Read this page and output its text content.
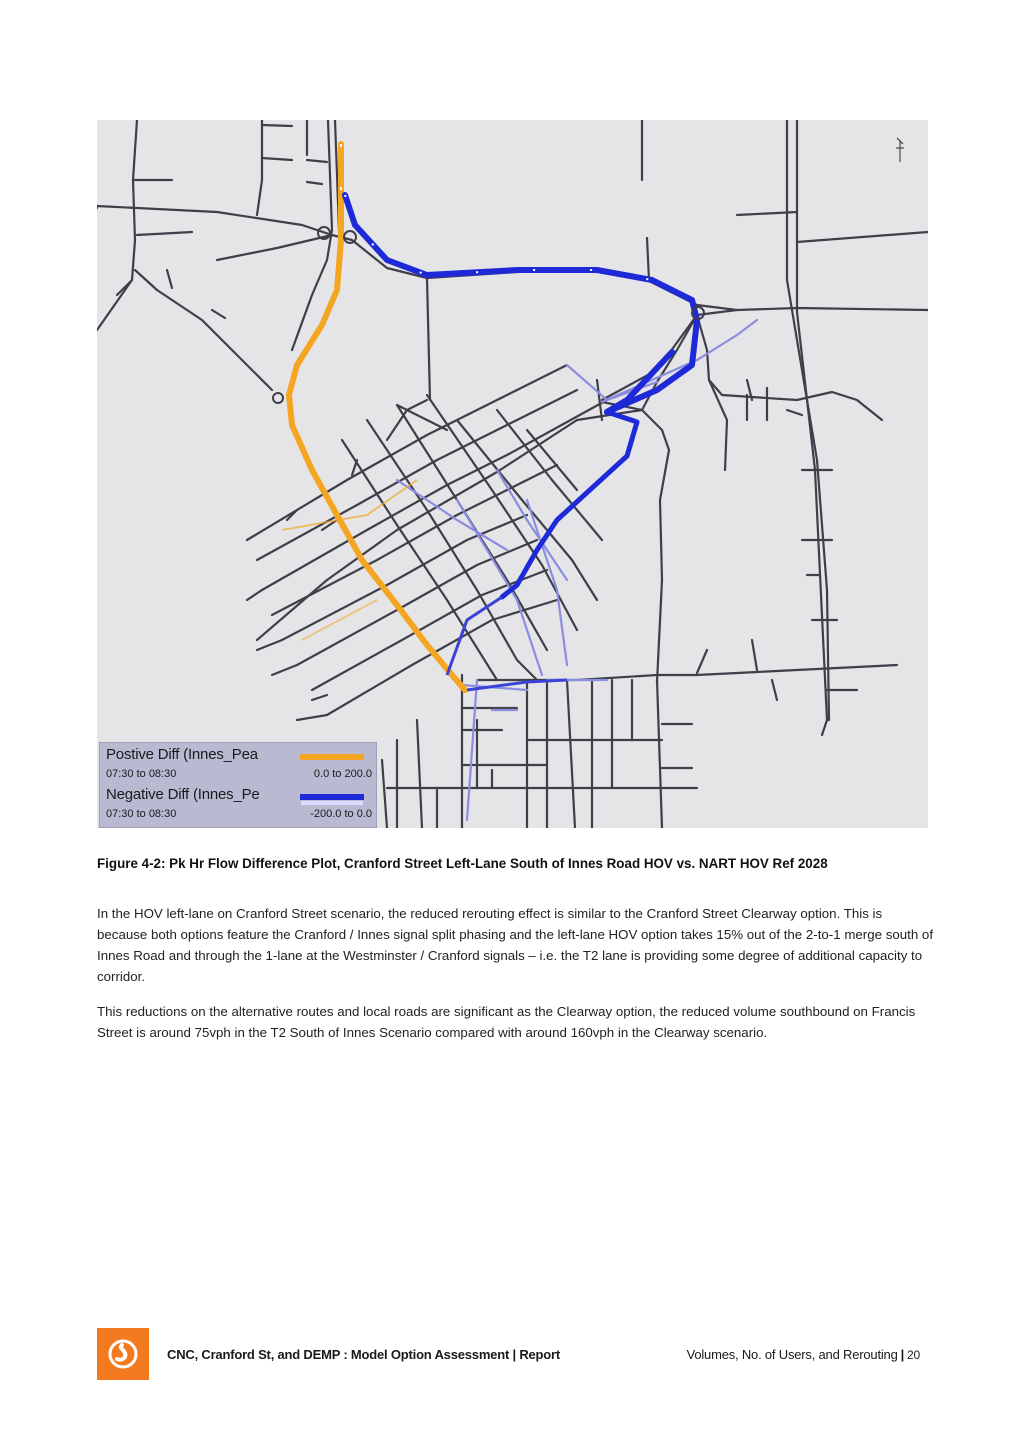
Postive Diff (Innes_Pea
07:30 to 08:30	0.0 to 200.0
Negative Diff (Innes_Pe
07:30 to 08:30	-200.0 to 0.0
Figure 4-2: Pk Hr Flow Difference Plot, Cranford Street Left-Lane South of Innes Road HOV vs. NART HOV Ref 2028

In the HOV left-lane on Cranford Street scenario, the reduced rerouting effect is similar to the Cranford Street Clearway option. This is because both options feature the Cranford / Innes signal split phasing and the left-lane HOV option takes 15% out of the 2-to-1 merge south of Innes Road and through the 1-lane at the Westminster / Cranford signals – i.e. the T2 lane is providing some degree of additional capacity to corridor.

This reductions on the alternative routes and local roads are significant as the Clearway option, the reduced volume southbound on Francis Street is around 75vph in the T2 South of Innes Scenario compared with around 160vph in the Clearway scenario.

CNC, Cranford St, and DEMP : Model Option Assessment | Report	Volumes, No. of Users, and Rerouting | 20
